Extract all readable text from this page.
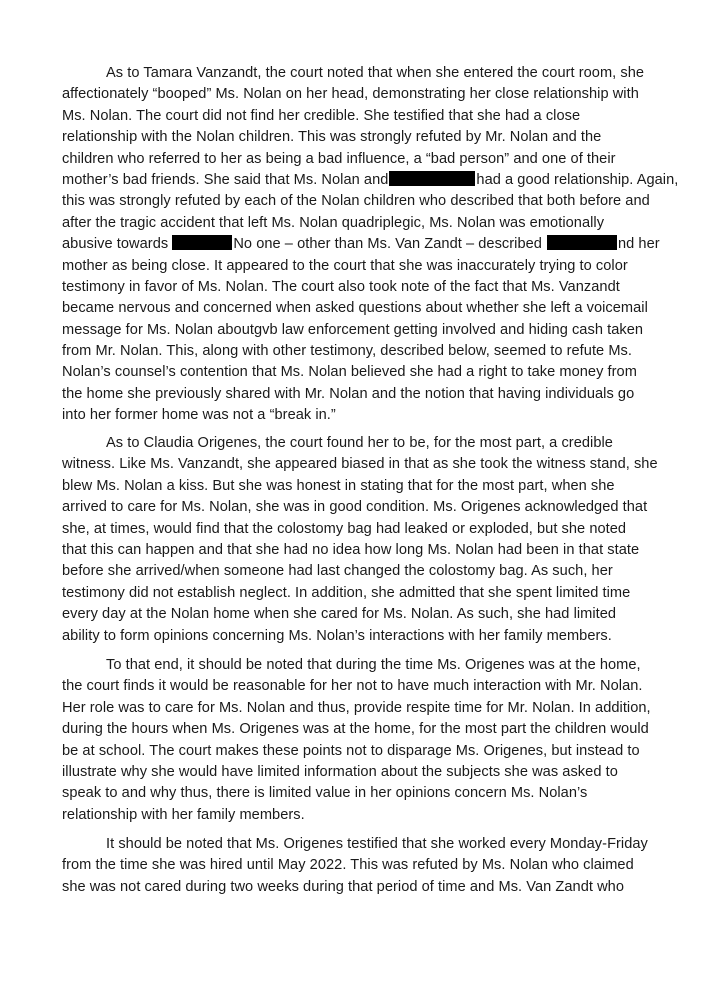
As to Tamara Vanzandt, the court noted that when she entered the court room, she
affectionately “booped” Ms. Nolan on her head, demonstrating her close relationship with
Ms. Nolan. The court did not find her credible. She testified that she had a close
relationship with the Nolan children. This was strongly refuted by Mr. Nolan and the
children who referred to her as being a bad influence, a “bad person” and one of their
mother’s bad friends. She said that Ms. Nolan and	had a good relationship. Again,
this was strongly refuted by each of the Nolan children who described that both before and
after the tragic accident that left Ms. Nolan quadriplegic, Ms. Nolan was emotionally
abusive towards	No one – other than Ms. Van Zandt – described	nd her
mother as being close. It appeared to the court that she was inaccurately trying to color
testimony in favor of Ms. Nolan. The court also took note of the fact that Ms. Vanzandt
became nervous and concerned when asked questions about whether she left a voicemail
message for Ms. Nolan aboutgvb law enforcement getting involved and hiding cash taken
from Mr. Nolan. This, along with other testimony, described below, seemed to refute Ms.
Nolan’s counsel’s contention that Ms. Nolan believed she had a right to take money from
the home she previously shared with Mr. Nolan and the notion that having individuals go
into her former home was not a “break in.”
As to Claudia Origenes, the court found her to be, for the most part, a credible
witness. Like Ms. Vanzandt, she appeared biased in that as she took the witness stand, she
blew Ms. Nolan a kiss. But she was honest in stating that for the most part, when she
arrived to care for Ms. Nolan, she was in good condition. Ms. Origenes acknowledged that
she, at times, would find that the colostomy bag had leaked or exploded, but she noted
that this can happen and that she had no idea how long Ms. Nolan had been in that state
before she arrived/when someone had last changed the colostomy bag. As such, her
testimony did not establish neglect. In addition, she admitted that she spent limited time
every day at the Nolan home when she cared for Ms. Nolan. As such, she had limited
ability to form opinions concerning Ms. Nolan’s interactions with her family members.
To that end, it should be noted that during the time Ms. Origenes was at the home,
the court finds it would be reasonable for her not to have much interaction with Mr. Nolan.
Her role was to care for Ms. Nolan and thus, provide respite time for Mr. Nolan. In addition,
during the hours when Ms. Origenes was at the home, for the most part the children would
be at school. The court makes these points not to disparage Ms. Origenes, but instead to
illustrate why she would have limited information about the subjects she was asked to
speak to and why thus, there is limited value in her opinions concern Ms. Nolan’s
relationship with her family members.
It should be noted that Ms. Origenes testified that she worked every Monday-Friday
from the time she was hired until May 2022. This was refuted by Ms. Nolan who claimed
she was not cared during two weeks during that period of time and Ms. Van Zandt who
